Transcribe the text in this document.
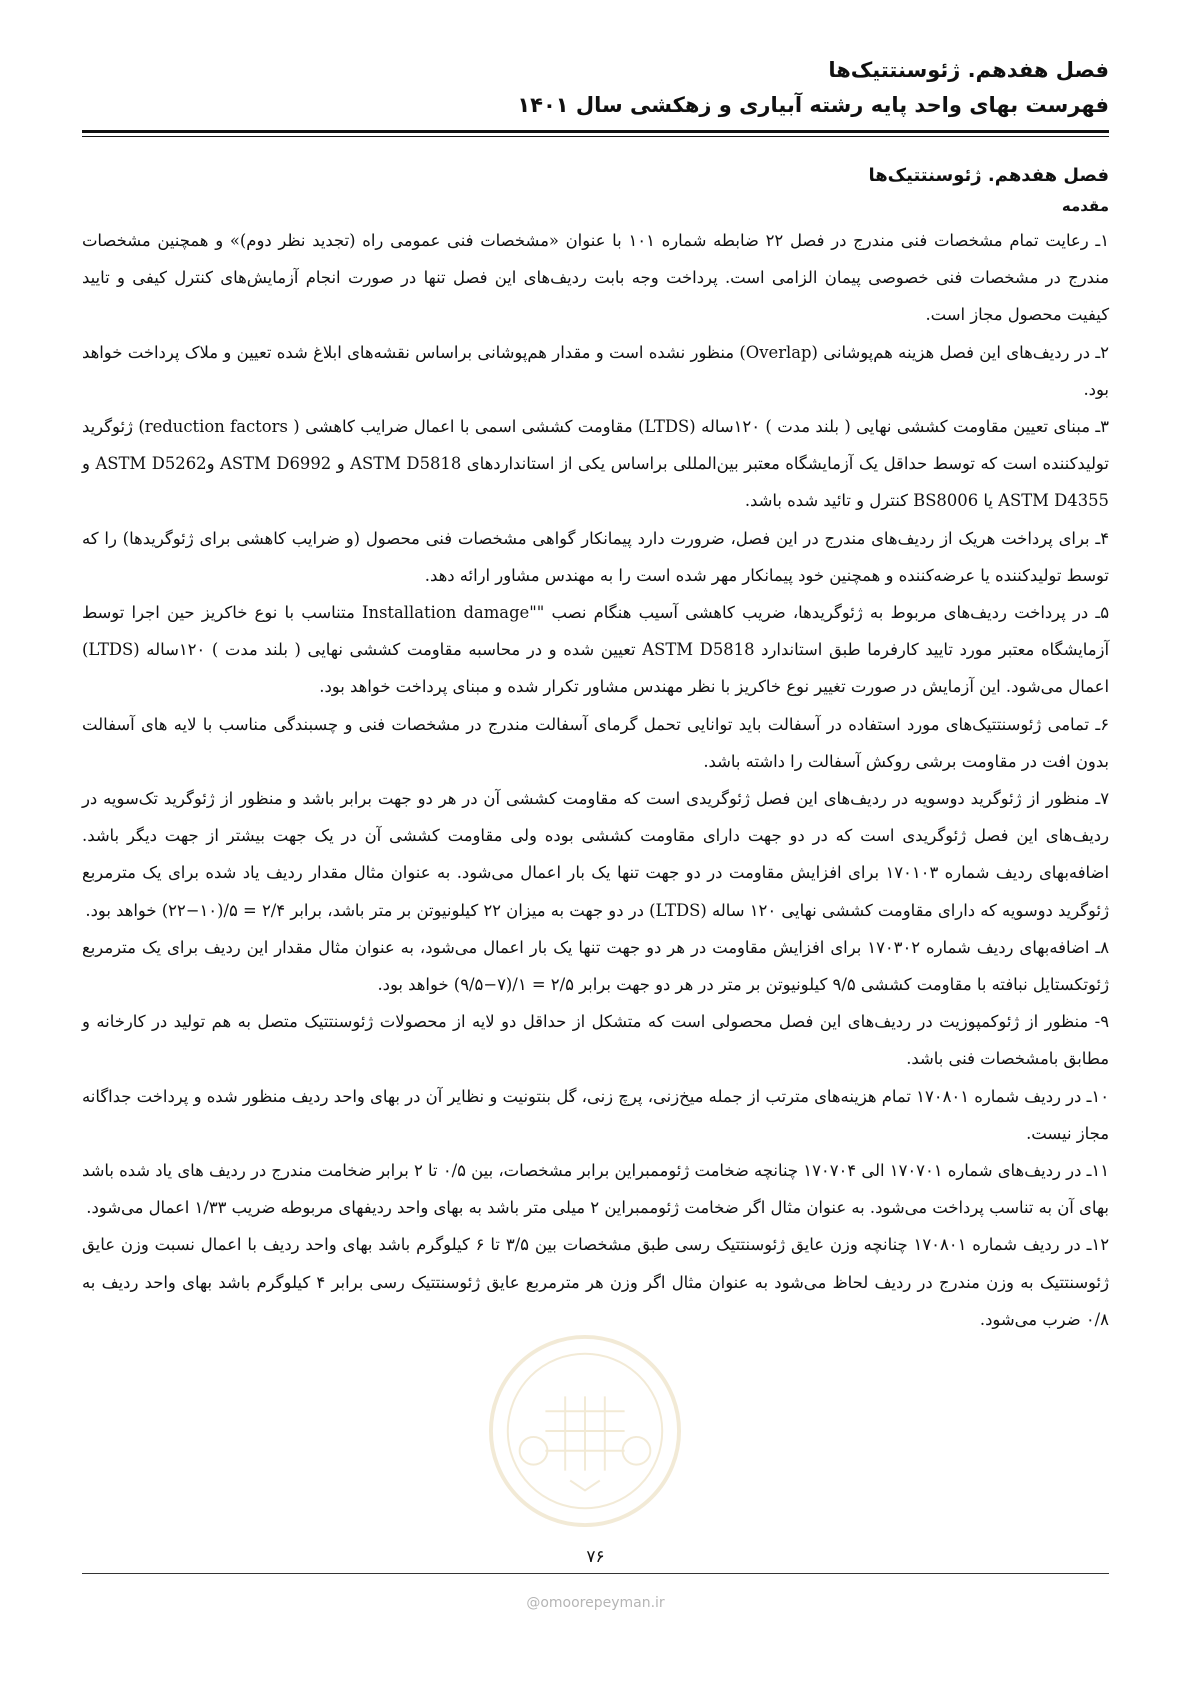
فصل هفدهم. ژئوسنتتیک‌ها
فهرست بهای واحد پایه رشته آبیاری و زهکشی سال ۱۴۰۱
فصل هفدهم. ژئوسنتتیک‌ها
مقدمه

۱ـ رعایت تمام مشخصات فنی مندرج در فصل ۲۲ ضابطه شماره ۱۰۱ با عنوان «مشخصات فنی عمومی راه (تجدید نظر دوم)» و همچنین مشخصات مندرج در مشخصات فنی خصوصی پیمان الزامی است. پرداخت وجه بابت ردیف‌های این فصل تنها در صورت انجام آزمایش‌های کنترل کیفی و تایید کیفیت محصول مجاز است.

۲ـ در ردیف‌های این فصل هزینه هم‌پوشانی (Overlap) منظور نشده است و مقدار هم‌پوشانی براساس نقشه‌های ابلاغ شده تعیین و ملاک پرداخت خواهد بود.

۳ـ مبنای تعیین مقاومت کششی نهایی ( بلند مدت ) ۱۲۰ساله (LTDS) مقاومت کششی اسمی با اعمال ضرایب کاهشی ( reduction factors) ژئوگرید تولیدکننده است که توسط حداقل یک آزمایشگاه معتبر بین‌المللی براساس یکی از استانداردهای ASTM D5818 و ASTM D6992 وASTM D5262 و ASTM D4355 یا BS8006 کنترل و تائید شده باشد.

۴ـ برای پرداخت هریک از ردیف‌های مندرج در این فصل، ضرورت دارد پیمانکار گواهی مشخصات فنی محصول (و ضرایب کاهشی برای ژئوگریدها) را که توسط تولیدکننده یا عرضه‌کننده و همچنین خود پیمانکار مهر شده است را به مهندس مشاور ارائه دهد.

۵ـ در پرداخت ردیف‌های مربوط به ژئوگریدها، ضریب کاهشی آسیب هنگام نصب ""Installation damage متناسب با نوع خاکریز حین اجرا توسط آزمایشگاه معتبر مورد تایید کارفرما طبق استاندارد ASTM D5818 تعیین شده و در محاسبه مقاومت کششی نهایی ( بلند مدت ) ۱۲۰ساله (LTDS) اعمال می‌شود. این آزمایش در صورت تغییر نوع خاکریز با نظر مهندس مشاور تکرار شده و مبنای پرداخت خواهد بود.

۶ـ تمامی ژئوسنتتیک‌های مورد استفاده در آسفالت باید توانایی تحمل گرمای آسفالت مندرج در مشخصات فنی و چسبندگی مناسب با لایه های آسفالت بدون افت در مقاومت برشی روکش آسفالت را داشته باشد.

۷ـ منظور از ژئوگرید دوسویه در ردیف‌های این فصل ژئوگریدی است که مقاومت کششی آن در هر دو جهت برابر باشد و منظور از ژئوگرید تک‌سویه در ردیف‌های این فصل ژئوگریدی است که در دو جهت دارای مقاومت کششی بوده ولی مقاومت کششی آن در یک جهت بیشتر از جهت دیگر باشد. اضافه‌بهای ردیف شماره ۱۷۰۱۰۳ برای افزایش مقاومت در دو جهت تنها یک بار اعمال می‌شود. به عنوان مثال مقدار ردیف یاد شده برای یک مترمربع ژئوگرید دوسویه که دارای مقاومت کششی نهایی ۱۲۰ ساله (LTDS) در دو جهت به میزان ۲۲ کیلونیوتن بر متر باشد، برابر ۲/۴ = ۵/(۱۰−۲۲) خواهد بود.

۸ـ اضافه‌بهای ردیف شماره ۱۷۰۳۰۲ برای افزایش مقاومت در هر دو جهت تنها یک بار اعمال می‌شود، به عنوان مثال مقدار این ردیف برای یک مترمربع ژئوتکستایل نبافته با مقاومت کششی ۹/۵ کیلونیوتن بر متر در هر دو جهت برابر ۲/۵ = ۱/(۷−۹/۵) خواهد بود.

۹- منظور از ژئوکمپوزیت در ردیف‌های این فصل محصولی است که متشکل از حداقل دو لایه از محصولات ژئوسنتتیک متصل به هم تولید در کارخانه و مطابق بامشخصات فنی باشد.

۱۰ـ در ردیف شماره ۱۷۰۸۰۱ تمام هزینه‌های مترتب از جمله میخ‌زنی، پرچ زنی، گل بنتونیت و نظایر آن در بهای واحد ردیف منظور شده و پرداخت جداگانه مجاز نیست.

۱۱ـ در ردیف‌های شماره ۱۷۰۷۰۱ الی ۱۷۰۷۰۴ چنانچه ضخامت ژئوممبراین برابر مشخصات، بین ۰/۵ تا ۲ برابر ضخامت مندرج در ردیف های یاد شده باشد بهای آن به تناسب پرداخت می‌شود. به عنوان مثال اگر ضخامت ژئوممبراین ۲ میلی متر باشد به بهای واحد ردیفهای مربوطه ضریب ۱/۳۳ اعمال می‌شود.

۱۲ـ در ردیف شماره ۱۷۰۸۰۱ چنانچه وزن عایق ژئوسنتتیک رسی طبق مشخصات بین ۳/۵ تا ۶ کیلوگرم باشد بهای واحد ردیف با اعمال نسبت وزن عایق ژئوسنتتیک به وزن مندرج در ردیف لحاظ می‌شود به عنوان مثال اگر وزن هر مترمربع عایق ژئوسنتتیک رسی برابر ۴ کیلوگرم باشد بهای واحد ردیف به ۰/۸ ضرب می‌شود.

۷۶
@omoorepeyman.ir
